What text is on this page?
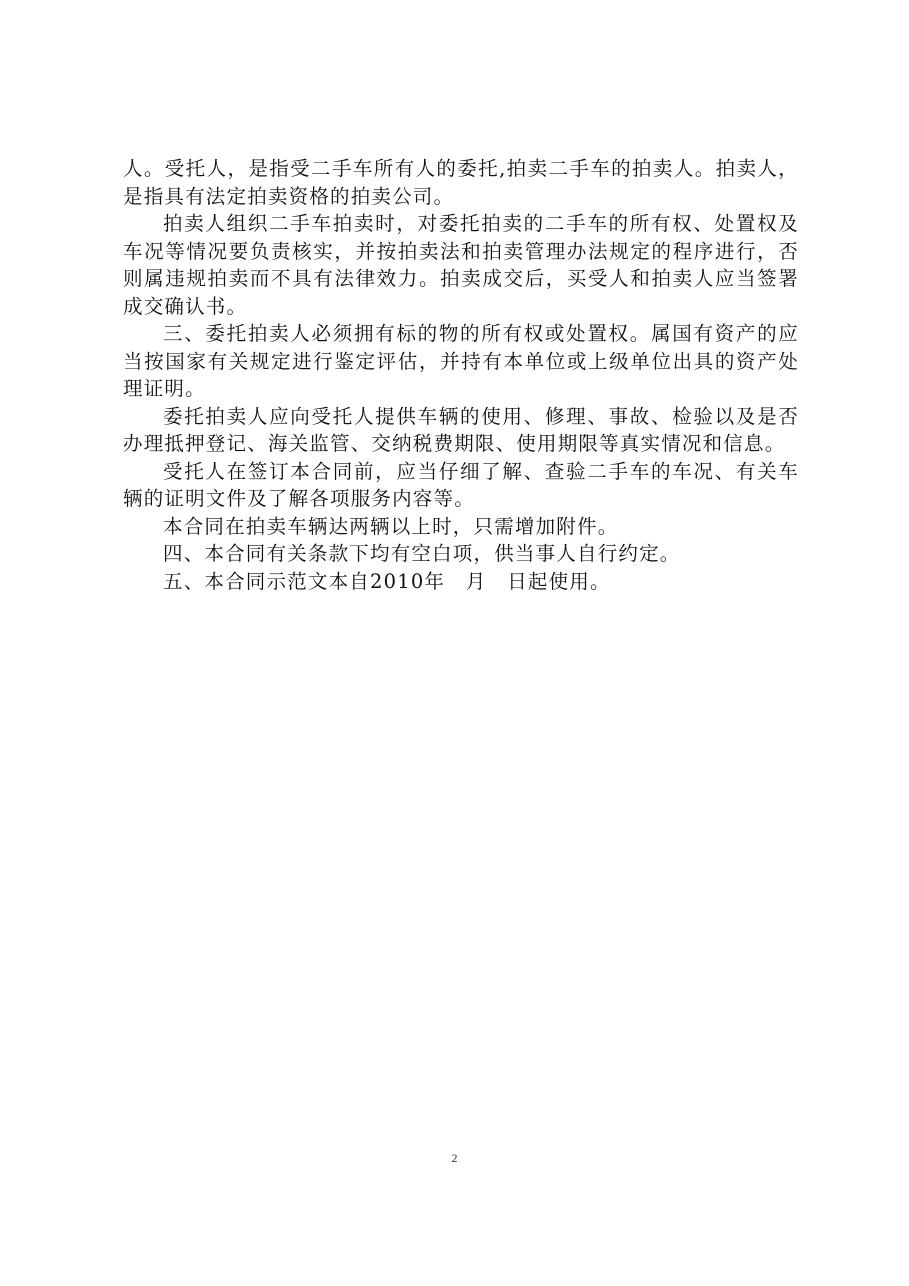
人。受托人，是指受二手车所有人的委托,拍卖二手车的拍卖人。拍卖人，是指具有法定拍卖资格的拍卖公司。

拍卖人组织二手车拍卖时，对委托拍卖的二手车的所有权、处置权及车况等情况要负责核实，并按拍卖法和拍卖管理办法规定的程序进行，否则属违规拍卖而不具有法律效力。拍卖成交后，买受人和拍卖人应当签署成交确认书。

三、委托拍卖人必须拥有标的物的所有权或处置权。属国有资产的应当按国家有关规定进行鉴定评估，并持有本单位或上级单位出具的资产处理证明。

委托拍卖人应向受托人提供车辆的使用、修理、事故、检验以及是否办理抵押登记、海关监管、交纳税费期限、使用期限等真实情况和信息。

受托人在签订本合同前，应当仔细了解、查验二手车的车况、有关车辆的证明文件及了解各项服务内容等。

本合同在拍卖车辆达两辆以上时，只需增加附件。

四、本合同有关条款下均有空白项，供当事人自行约定。

五、本合同示范文本自2010年　月　日起使用。

2
